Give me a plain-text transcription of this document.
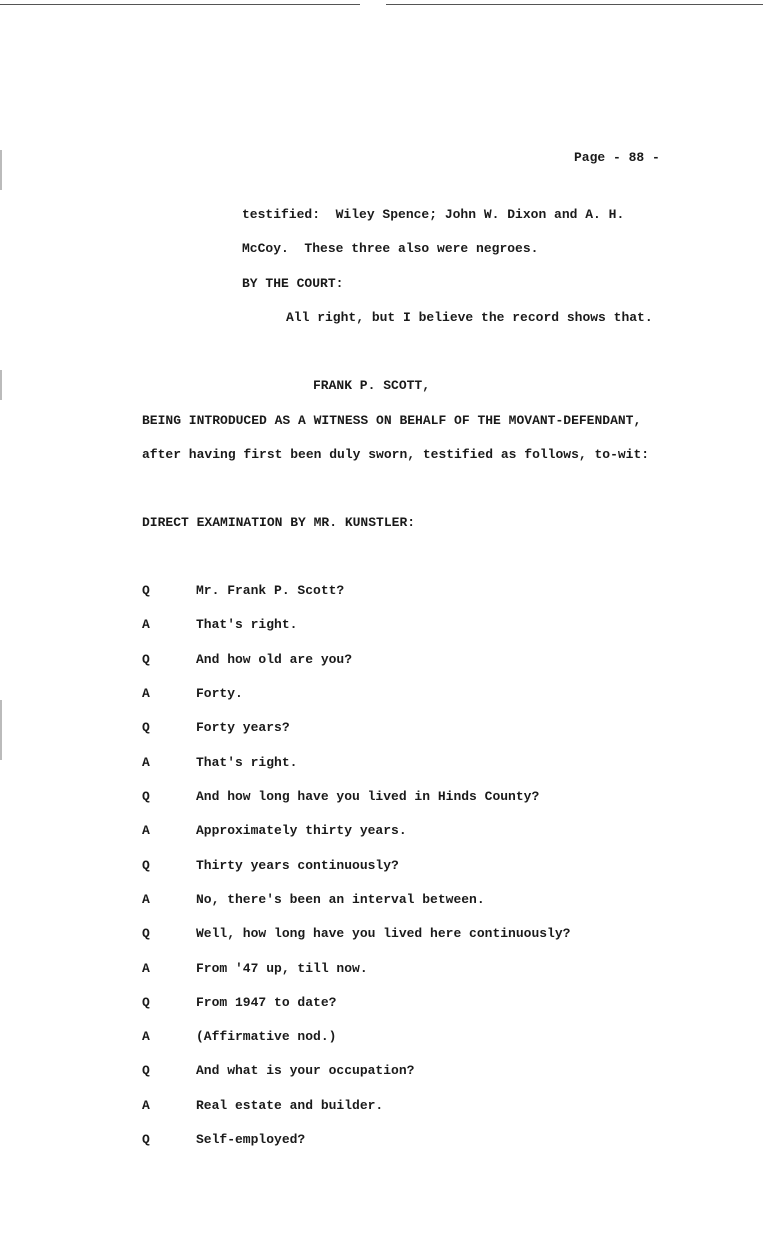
Page - 88 -
testified:  Wiley Spence; John W. Dixon and A. H.
McCoy.  These three also were negroes.
BY THE COURT:
All right, but I believe the record shows that.
FRANK P. SCOTT,
BEING INTRODUCED AS A WITNESS ON BEHALF OF THE MOVANT-DEFENDANT,
after having first been duly sworn, testified as follows, to-wit:
DIRECT EXAMINATION BY MR. KUNSTLER:
Q	Mr. Frank P. Scott?
A	That's right.
Q	And how old are you?
A	Forty.
Q	Forty years?
A	That's right.
Q	And how long have you lived in Hinds County?
A	Approximately thirty years.
Q	Thirty years continuously?
A	No, there's been an interval between.
Q	Well, how long have you lived here continuously?
A	From '47 up, till now.
Q	From 1947 to date?
A	(Affirmative nod.)
Q	And what is your occupation?
A	Real estate and builder.
Q	Self-employed?
